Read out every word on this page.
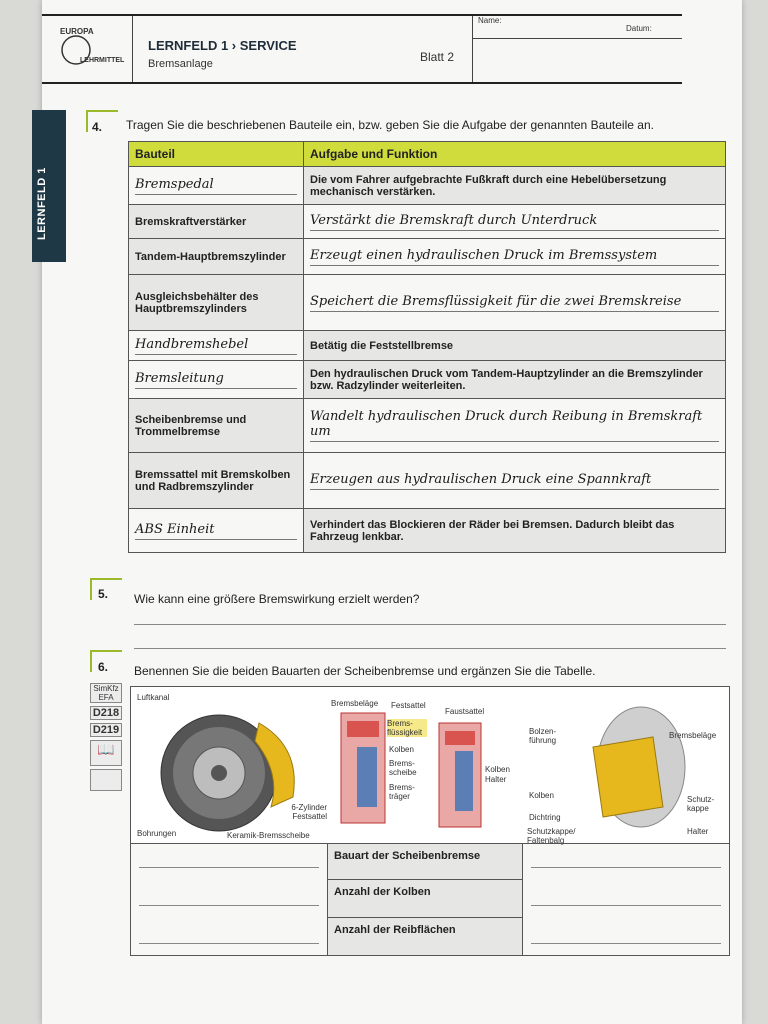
EUROPA
LEHRMITTEL
LERNFELD 1 › SERVICE
Bremsanlage	Blatt 2
Name:
Datum:
LERNFELD 1
4. Tragen Sie die beschriebenen Bauteile ein, bzw. geben Sie die Aufgabe der genannten Bauteile an.
Bauteil	Aufgabe und Funktion

Bremspedal	Die vom Fahrer aufgebrachte Fußkraft durch eine Hebelübersetzung mechanisch verstärken.
Bremskraftverstärker	Verstärkt die Bremskraft durch Unterdruck

Tandem-Hauptbremszylinder	Erzeugt einen hydraulischen Druck im Bremssystem

Ausgleichsbehälter des Hauptbremszylinders	Speichert die Bremsflüssigkeit für die zwei Bremskreise

Handbremshebel	Betätig die Feststellbremse

Bremsleitung	Den hydraulischen Druck vom Tandem-Hauptzylinder an die Bremszylinder bzw. Radzylinder weiterleiten.
Scheibenbremse und Trommelbremse	Wandelt hydraulischen Druck durch Reibung in Bremskraft um

Bremssattel mit Bremskolben und Radbremszylinder	Erzeugen aus hydraulischen Druck eine Spannkraft

ABS Einheit	Verhindert das Blockieren der Räder bei Bremsen. Dadurch bleibt das Fahrzeug lenkbar.
5. Wie kann eine größere Bremswirkung erzielt werden?
6. Benennen Sie die beiden Bauarten der Scheibenbremse und ergänzen Sie die Tabelle.
SimKfz EFA
D218
D219
📖
Luftkanal
Bohrungen	Keramik-Bremsscheibe
6-Zylinder Festsattel
Bremsbeläge Festsattel
Faustsattel
Brems-flüssigkeit
Kolben
Brems-scheibe
Brems-träger
Kolben
Halter
Bolzen-führung
Bremsbeläge
Kolben
Dichtring
Schutz-kappe
Schutzkappe/ Faltenbalg
Halter
Bauart der Scheibenbremse
Anzahl der Kolben
Anzahl der Reibflächen
